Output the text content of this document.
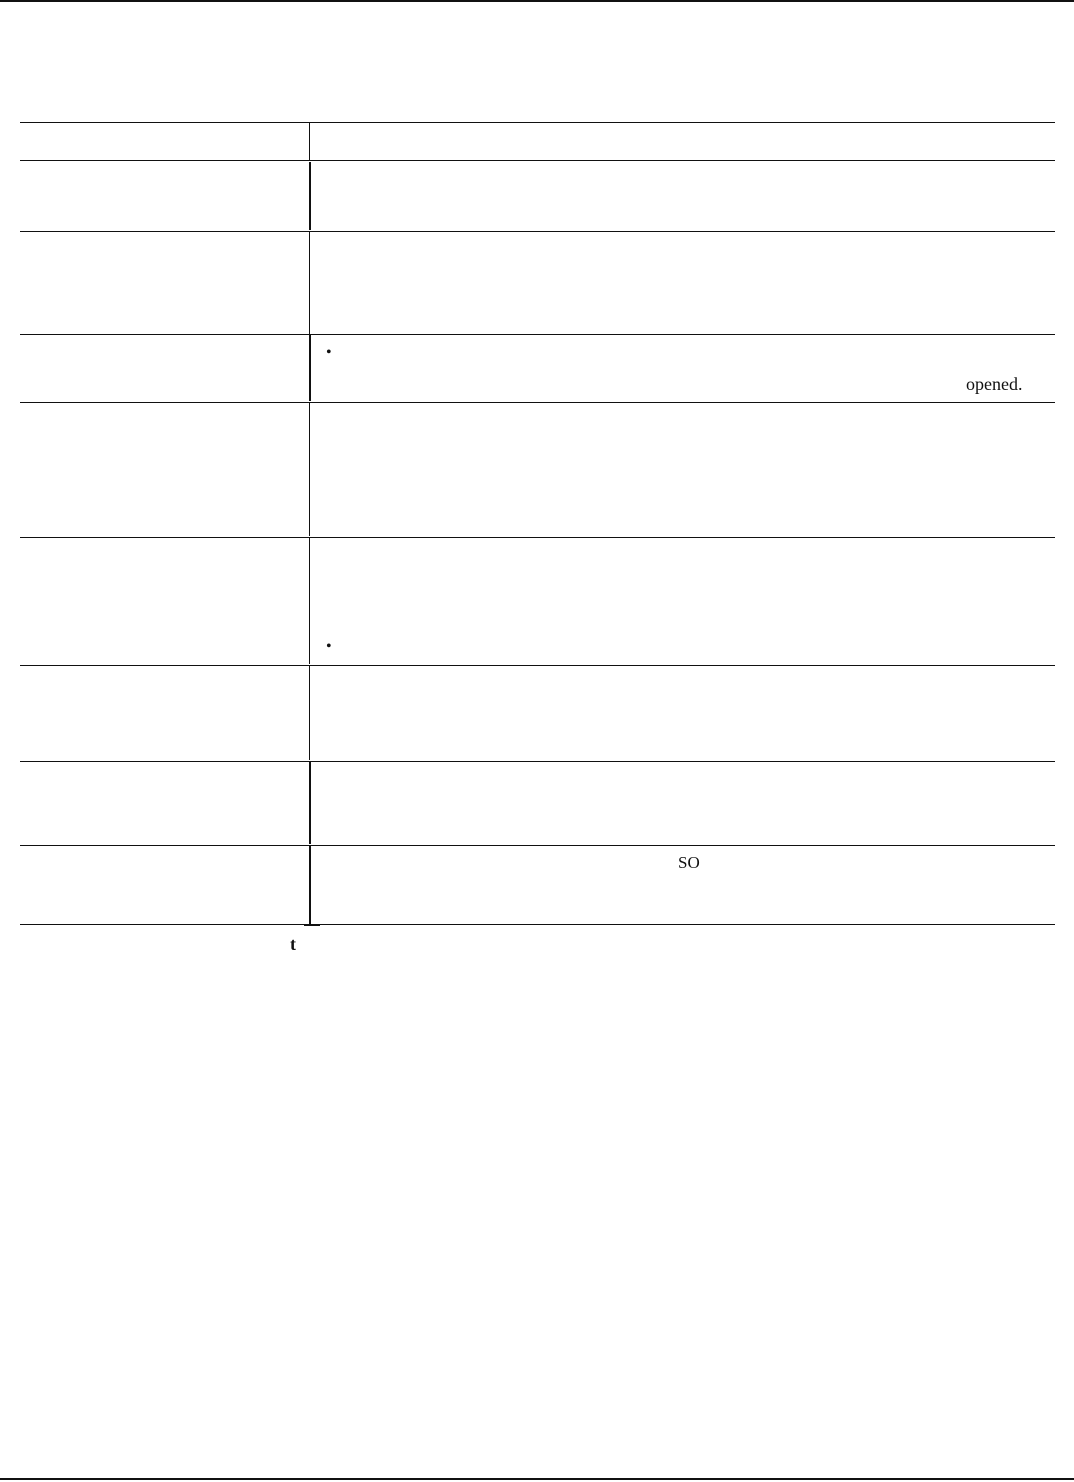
•
opened.
•
SO
t
